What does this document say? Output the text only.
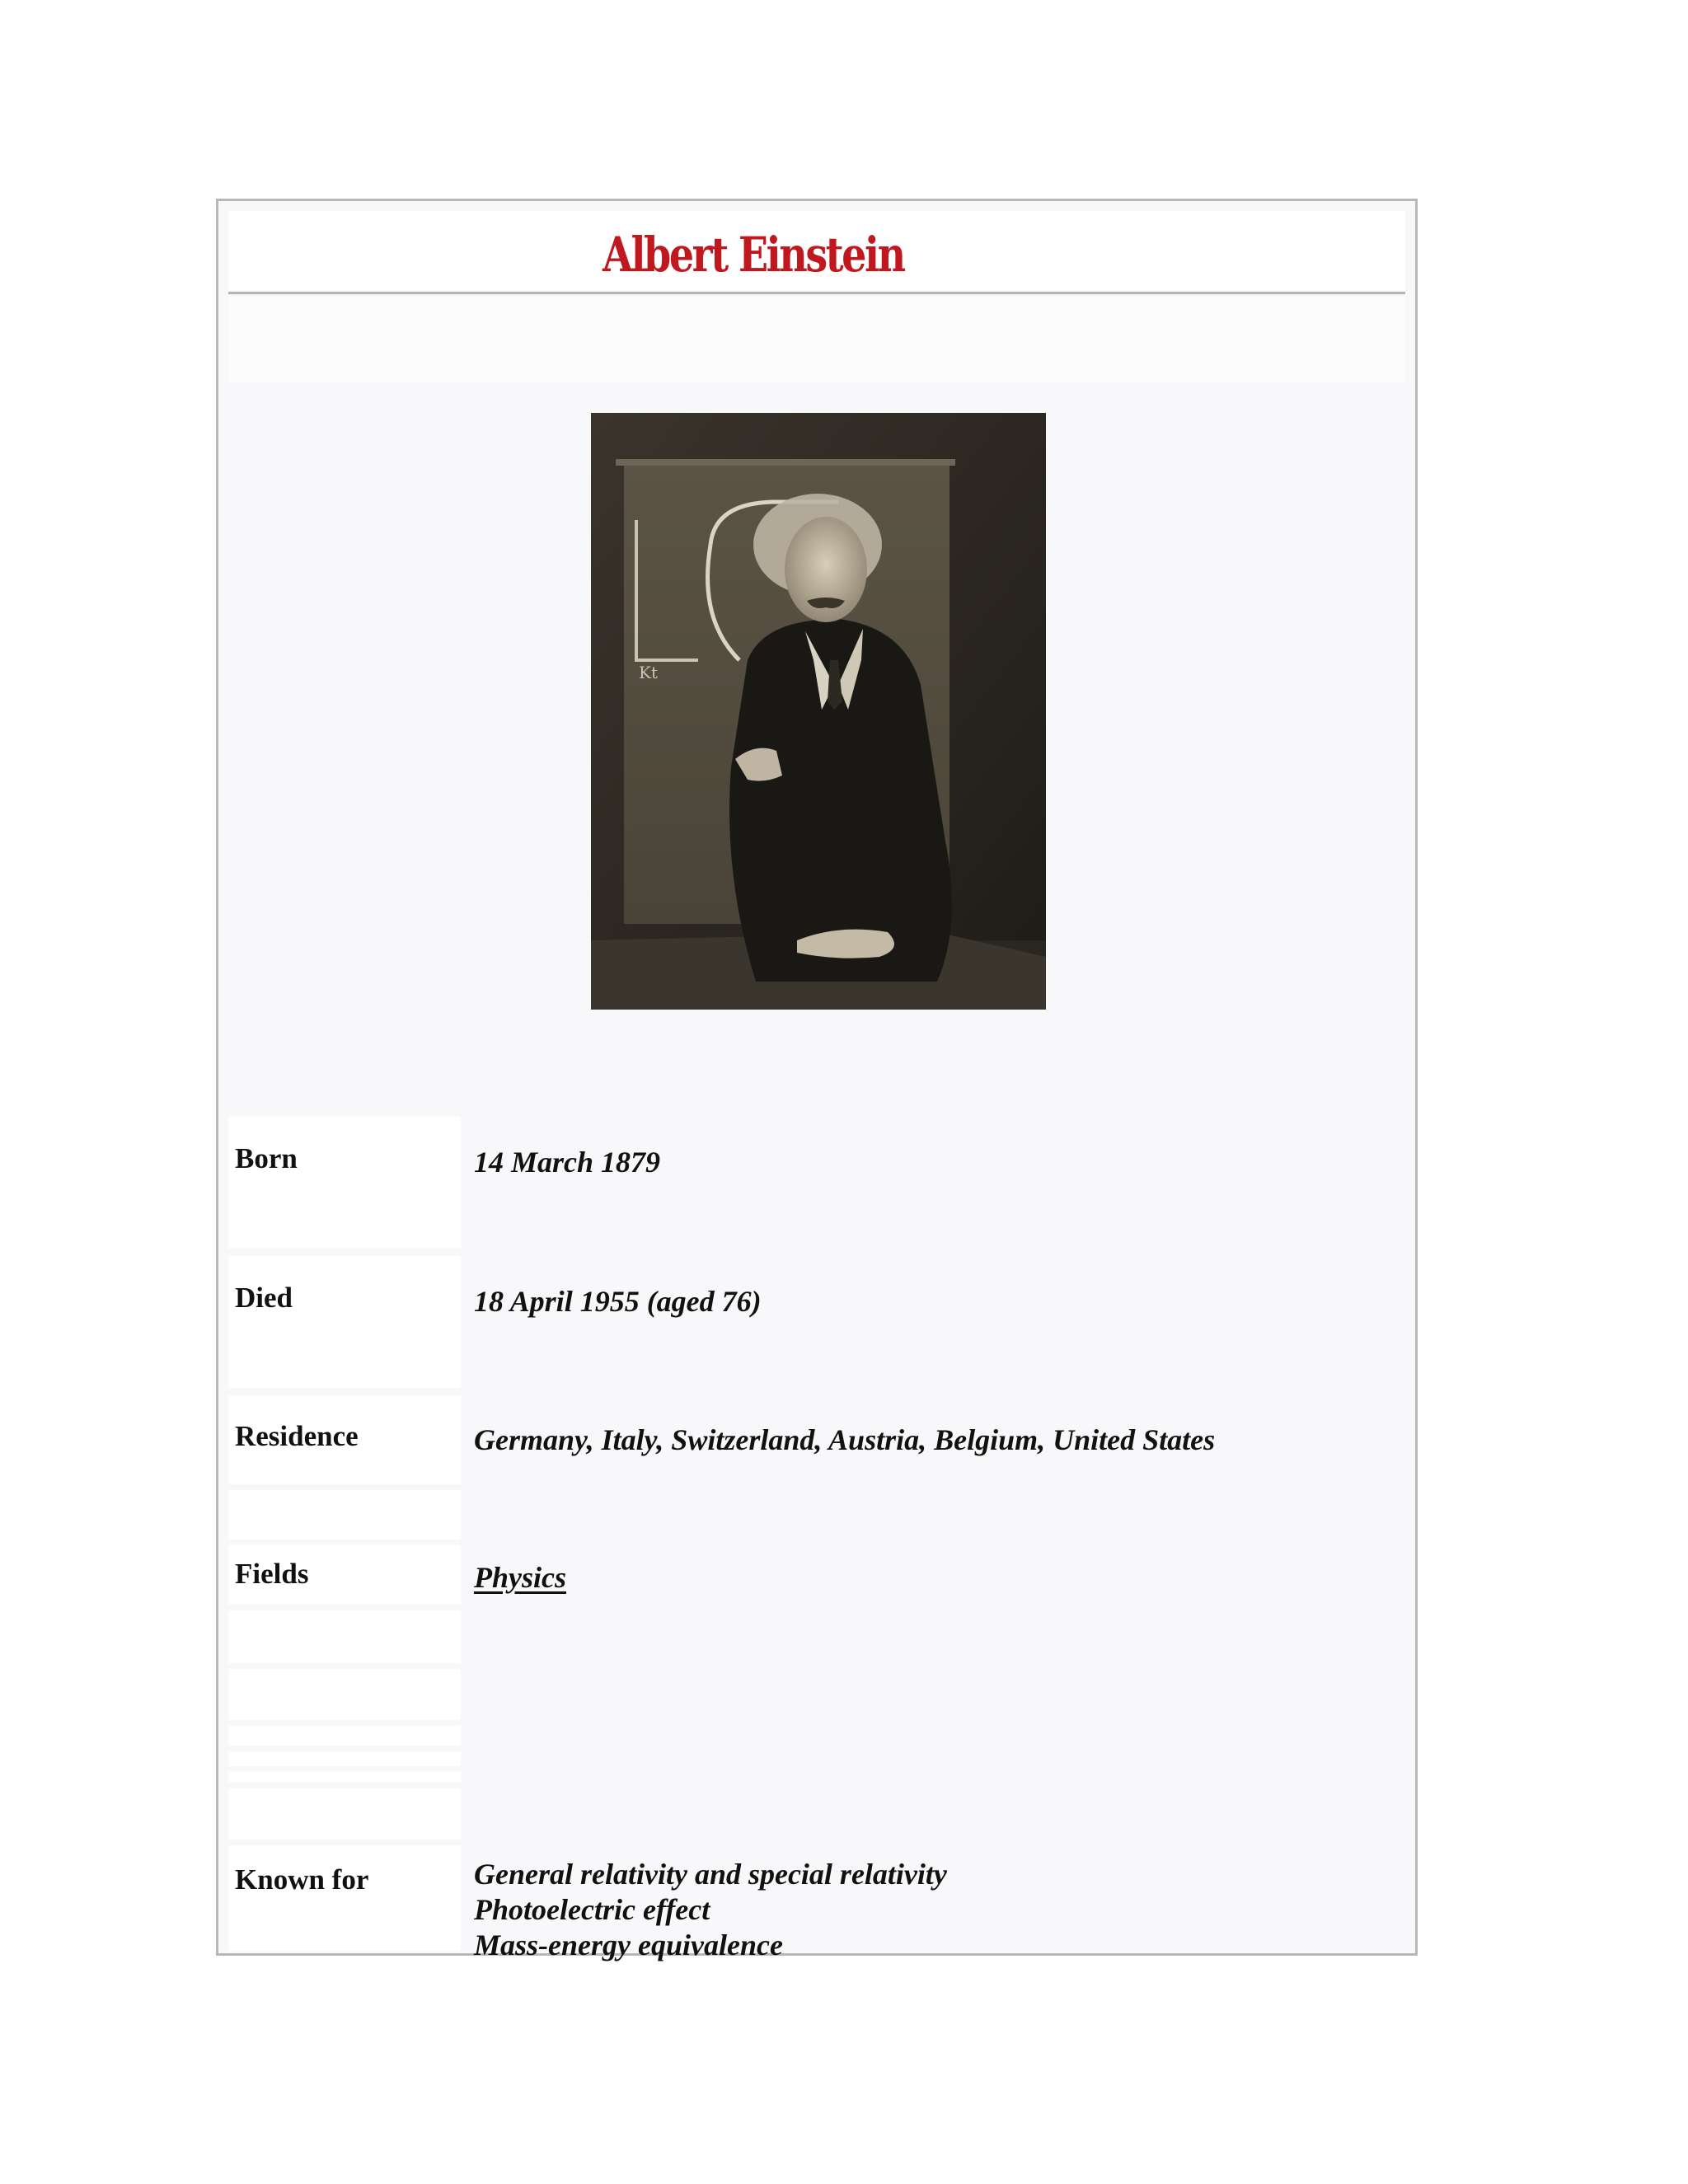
Albert Einstein
Kt
Born	14 March 1879
Died	18 April 1955 (aged 76)
Residence	Germany, Italy, Switzerland, Austria, Belgium, United States
Fields	Physics
Known for	General relativity and special relativity
Photoelectric effect
Mass-energy equivalence
